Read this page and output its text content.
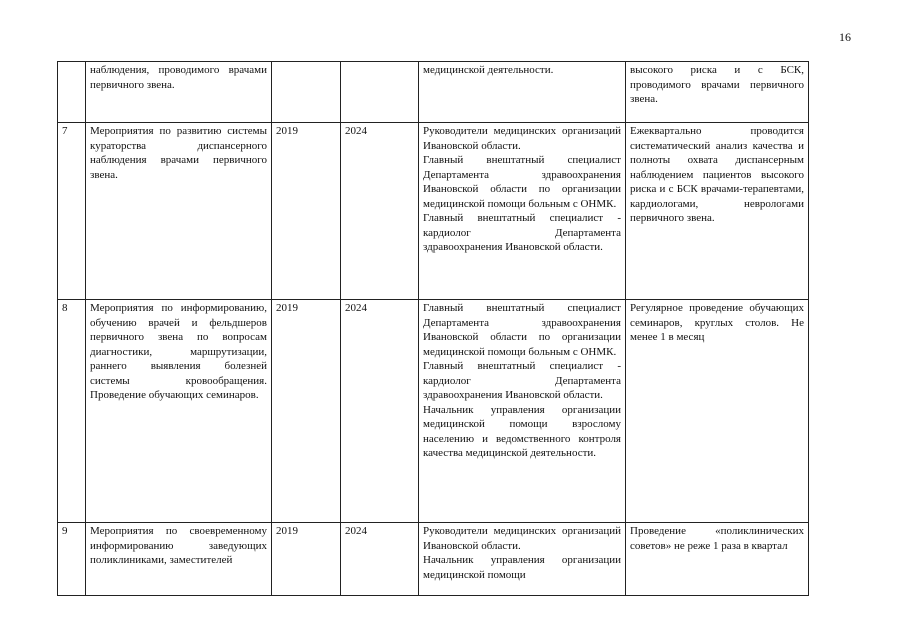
16
	наблюдения, проводимого врачами первичного звена.			медицинской деятельности.	высокого риска и с БСК, проводимого врачами первичного звена.
7	Мероприятия по развитию системы кураторства диспансерного наблюдения врачами первичного звена.	2019	2024	Руководители медицинских организаций Ивановской области.

Главный внештатный специалист Департамента здравоохранения Ивановской области по организации медицинской помощи больным с ОНМК.

Главный внештатный специалист - кардиолог Департамента здравоохранения Ивановской области.	Ежеквартально проводится систематический анализ качества и полноты охвата диспансерным наблюдением пациентов высокого риска и с БСК врачами-терапевтами, кардиологами, неврологами первичного звена.
8	Мероприятия по информированию, обучению врачей и фельдшеров первичного звена по вопросам диагностики, маршрутизации, раннего выявления болезней системы кровообращения. Проведение обучающих семинаров.	2019	2024	Главный внештатный специалист Департамента здравоохранения Ивановской области по организации медицинской помощи больным с ОНМК.

Главный внештатный специалист - кардиолог Департамента здравоохранения Ивановской области.

Начальник управления организации медицинской помощи взрослому населению и ведомственного контроля качества медицинской деятельности.	Регулярное проведение обучающих семинаров, круглых столов. Не менее 1 в месяц
9	Мероприятия по своевременному информированию заведующих поликлиниками, заместителей	2019	2024	Руководители медицинских организаций Ивановской области.

Начальник управления организации медицинской помощи	Проведение «поликлинических советов» не реже 1 раза в квартал
